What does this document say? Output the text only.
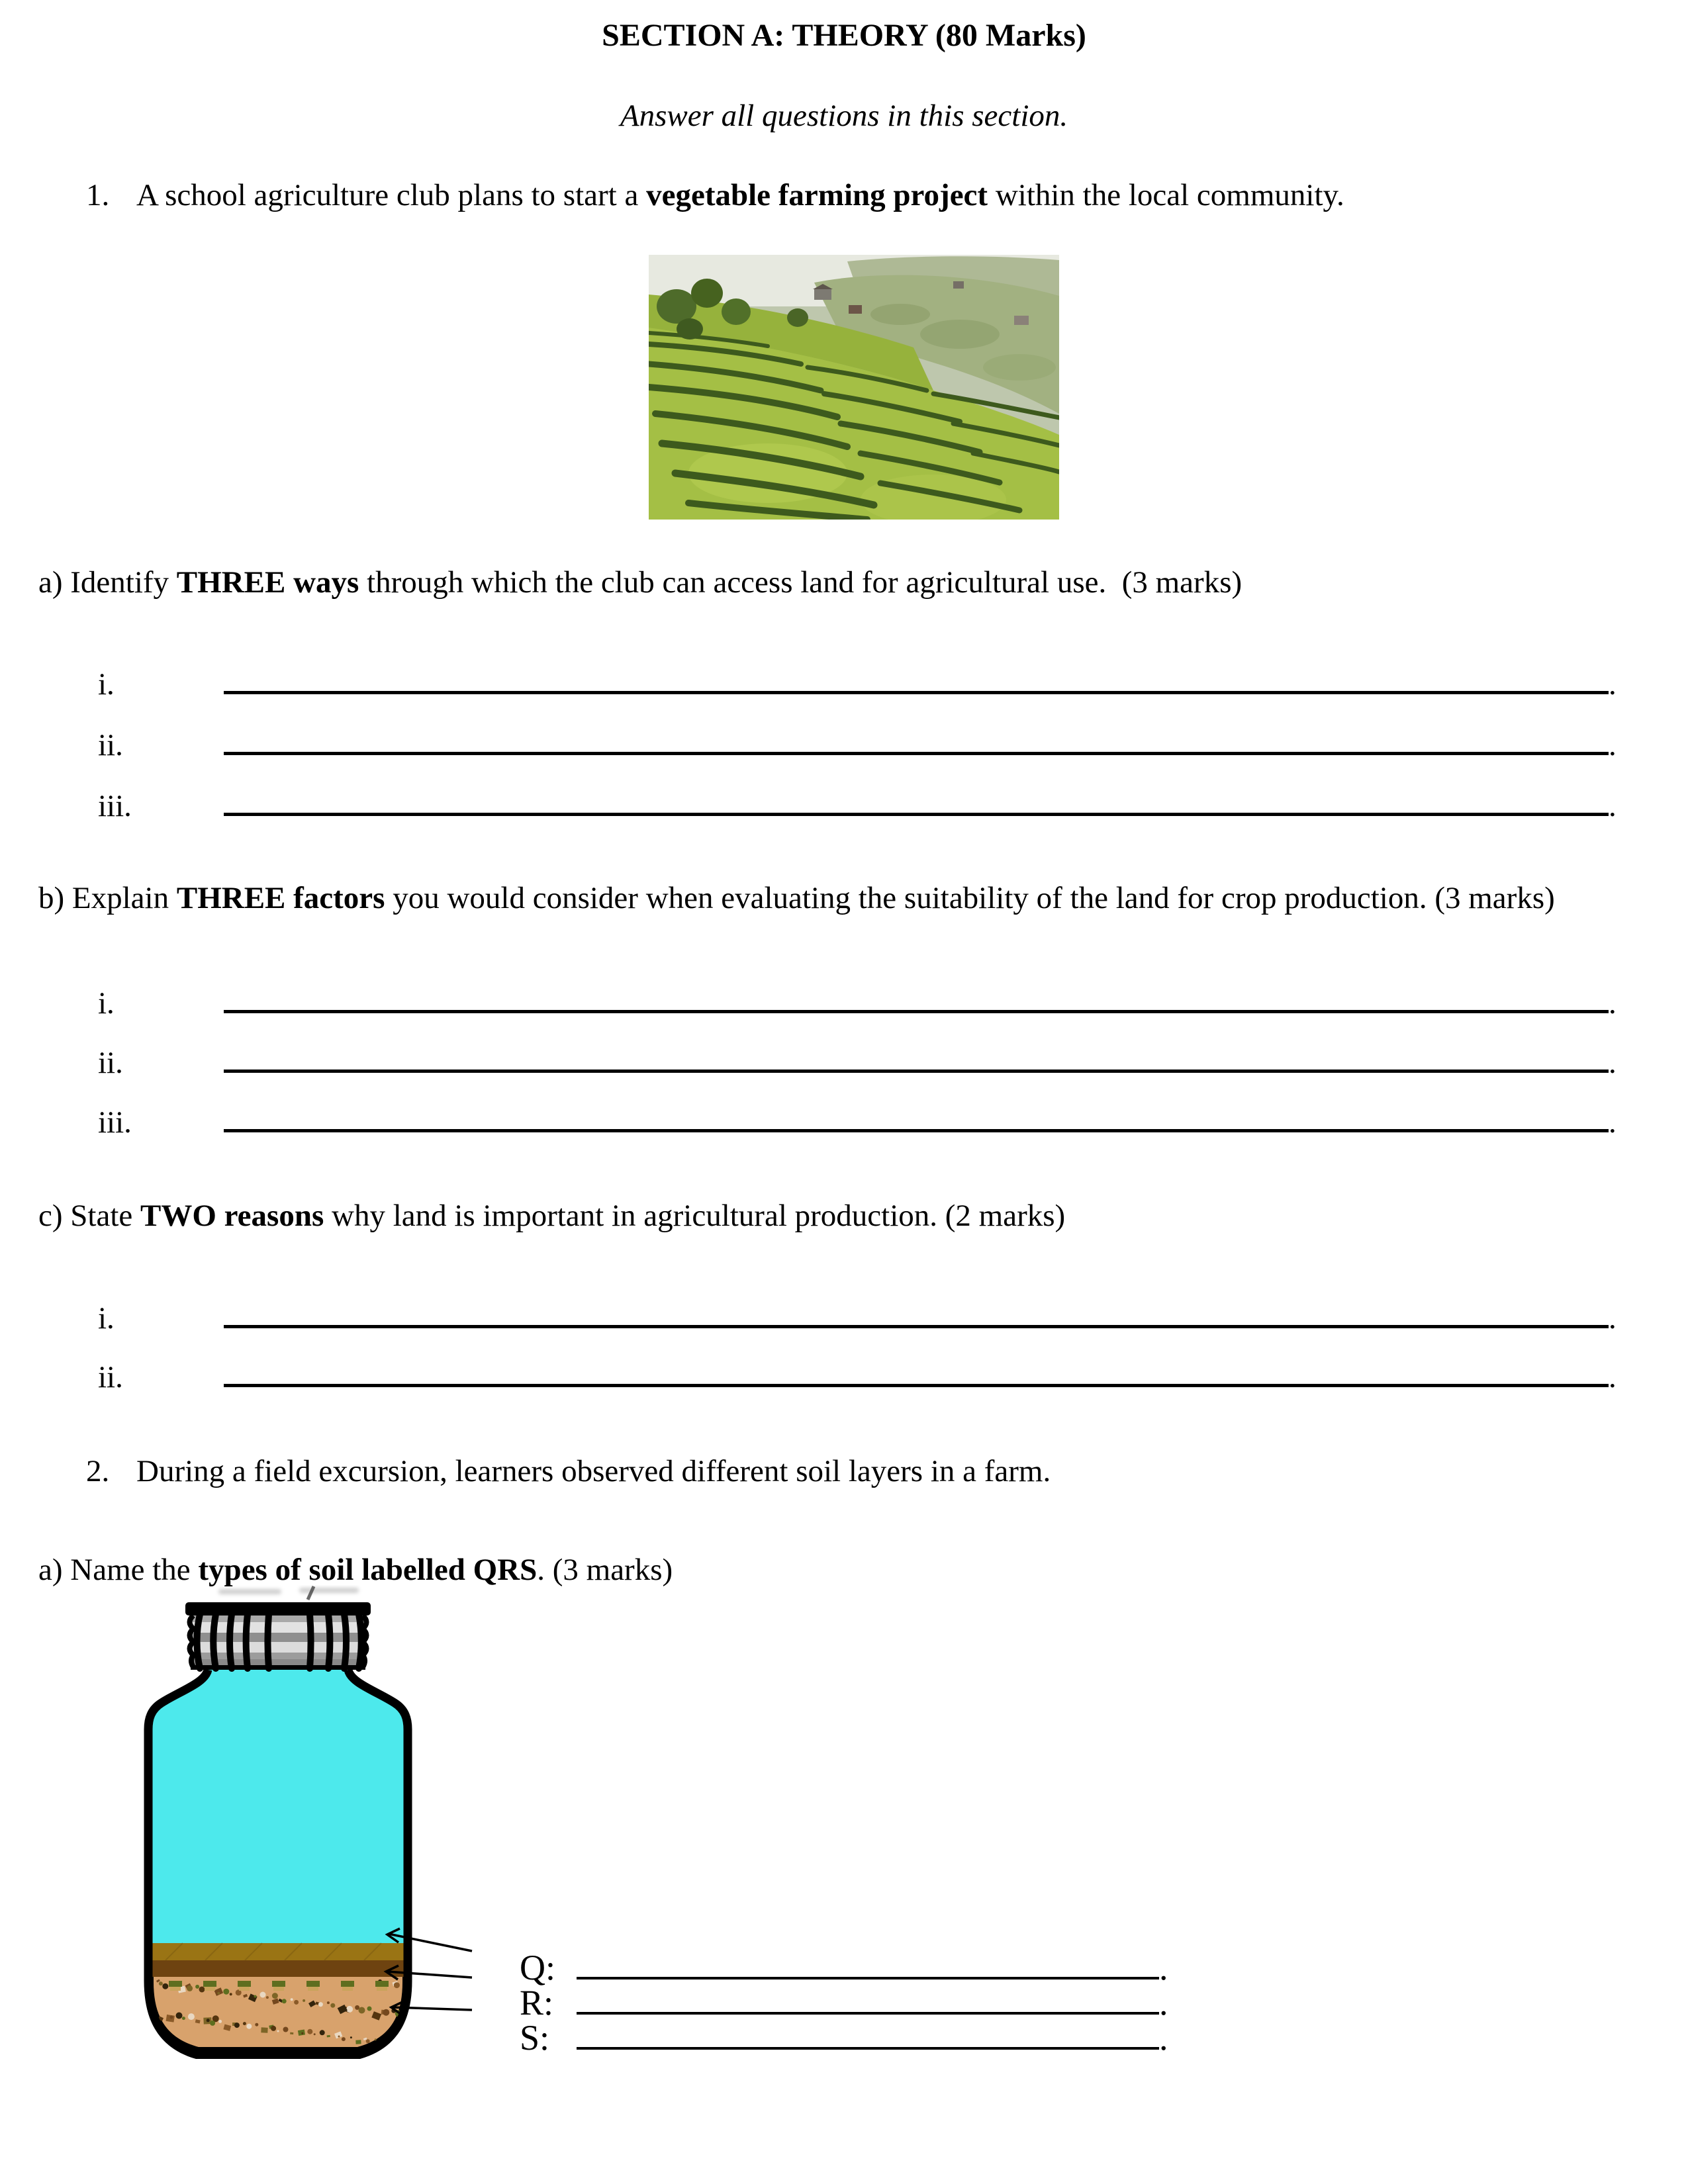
SECTION A: THEORY (80 Marks)

Answer all questions in this section.

1. A school agriculture club plans to start a vegetable farming project within the local community.

a) Identify THREE ways through which the club can access land for agricultural use.  (3 marks)

i.	.

ii.	.

iii.	.

b) Explain THREE factors you would consider when evaluating the suitability of the land for crop production. (3 marks)

i.	.

ii.	.

iii.	.

c) State TWO reasons why land is important in agricultural production. (2 marks)

i.	.

ii.	.

2. During a field excursion, learners observed different soil layers in a farm.

a) Name the types of soil labelled QRS. (3 marks)

Q:	.

R:	.

S:	.
